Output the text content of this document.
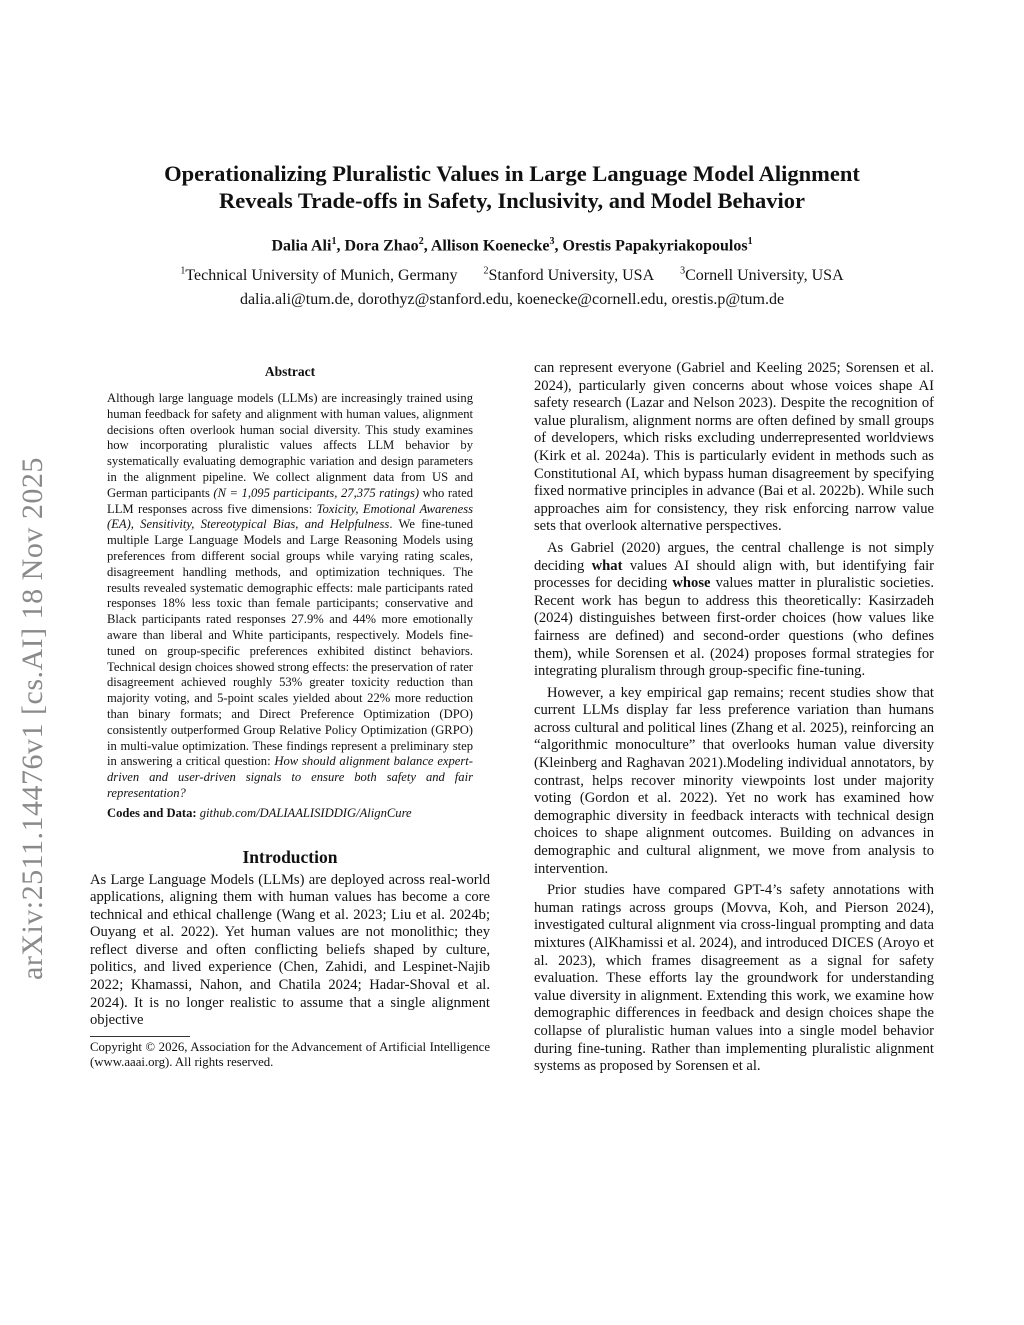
arXiv:2511.14476v1 [cs.AI] 18 Nov 2025
Operationalizing Pluralistic Values in Large Language Model Alignment
Reveals Trade-offs in Safety, Inclusivity, and Model Behavior
Dalia Ali$^1$, Dora Zhao$^2$, Allison Koenecke$^3$, Orestis Papakyriakopoulos$^1$
$^1$Technical University of Munich, Germany	$^2$Stanford University, USA	$^3$Cornell University, USA
dalia.ali@tum.de, dorothyz@stanford.edu, koenecke@cornell.edu, orestis.p@tum.de
Abstract

Although large language models (LLMs) are increasingly trained using human feedback for safety and alignment with human values, alignment decisions often overlook human social diversity. This study examines how incorporating pluralistic values affects LLM behavior by systematically evaluating demographic variation and design parameters in the alignment pipeline. We collect alignment data from US and German participants (N = 1,095 participants, 27,375 ratings) who rated LLM responses across five dimensions: Toxicity, Emotional Awareness (EA), Sensitivity, Stereotypical Bias, and Helpfulness. We fine-tuned multiple Large Language Models and Large Reasoning Models using preferences from different social groups while varying rating scales, disagreement handling methods, and optimization techniques. The results revealed systematic demographic effects: male participants rated responses 18% less toxic than female participants; conservative and Black participants rated responses 27.9% and 44% more emotionally aware than liberal and White participants, respectively. Models fine-tuned on group-specific preferences exhibited distinct behaviors. Technical design choices showed strong effects: the preservation of rater disagreement achieved roughly 53% greater toxicity reduction than majority voting, and 5-point scales yielded about 22% more reduction than binary formats; and Direct Preference Optimization (DPO) consistently outperformed Group Relative Policy Optimization (GRPO) in multi-value optimization. These findings represent a preliminary step in answering a critical question: How should alignment balance expert-driven and user-driven signals to ensure both safety and fair representation?

Codes and Data: github.com/DALIAALISIDDIG/AlignCure
Introduction

As Large Language Models (LLMs) are deployed across real-world applications, aligning them with human values has become a core technical and ethical challenge (Wang et al. 2023; Liu et al. 2024b; Ouyang et al. 2022). Yet human values are not monolithic; they reflect diverse and often conflicting beliefs shaped by culture, politics, and lived experience (Chen, Zahidi, and Lespinet-Najib 2022; Khamassi, Nahon, and Chatila 2024; Hadar-Shoval et al. 2024). It is no longer realistic to assume that a single alignment objective

Copyright © 2026, Association for the Advancement of Artificial Intelligence (www.aaai.org). All rights reserved.

can represent everyone (Gabriel and Keeling 2025; Sorensen et al. 2024), particularly given concerns about whose voices shape AI safety research (Lazar and Nelson 2023). Despite the recognition of value pluralism, alignment norms are often defined by small groups of developers, which risks excluding underrepresented worldviews (Kirk et al. 2024a). This is particularly evident in methods such as Constitutional AI, which bypass human disagreement by specifying fixed normative principles in advance (Bai et al. 2022b). While such approaches aim for consistency, they risk enforcing narrow value sets that overlook alternative perspectives.

As Gabriel (2020) argues, the central challenge is not simply deciding what values AI should align with, but identifying fair processes for deciding whose values matter in pluralistic societies. Recent work has begun to address this theoretically: Kasirzadeh (2024) distinguishes between first-order choices (how values like fairness are defined) and second-order questions (who defines them), while Sorensen et al. (2024) proposes formal strategies for integrating pluralism through group-specific fine-tuning.

However, a key empirical gap remains; recent studies show that current LLMs display far less preference variation than humans across cultural and political lines (Zhang et al. 2025), reinforcing an “algorithmic monoculture” that overlooks human value diversity (Kleinberg and Raghavan 2021).Modeling individual annotators, by contrast, helps recover minority viewpoints lost under majority voting (Gordon et al. 2022). Yet no work has examined how demographic diversity in feedback interacts with technical design choices to shape alignment outcomes. Building on advances in demographic and cultural alignment, we move from analysis to intervention.

Prior studies have compared GPT-4’s safety annotations with human ratings across groups (Movva, Koh, and Pierson 2024), investigated cultural alignment via cross-lingual prompting and data mixtures (AlKhamissi et al. 2024), and introduced DICES (Aroyo et al. 2023), which frames disagreement as a signal for safety evaluation. These efforts lay the groundwork for understanding value diversity in alignment. Extending this work, we examine how demographic differences in feedback and design choices shape the collapse of pluralistic human values into a single model behavior during fine-tuning. Rather than implementing pluralistic alignment systems as proposed by Sorensen et al.
